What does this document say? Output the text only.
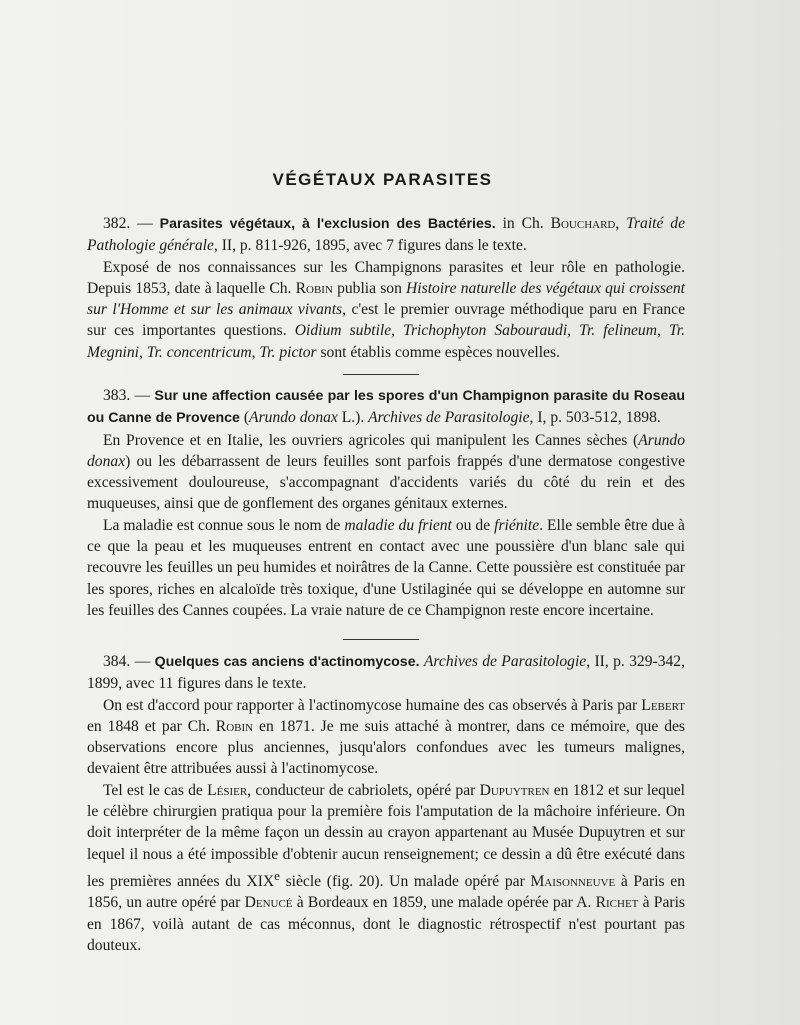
VÉGÉTAUX PARASITES

382. — Parasites végétaux, à l'exclusion des Bactéries. in Ch. Bouchard, Traité de Pathologie générale, II, p. 811-926, 1895, avec 7 figures dans le texte.

Exposé de nos connaissances sur les Champignons parasites et leur rôle en pathologie. Depuis 1853, date à laquelle Ch. Robin publia son Histoire naturelle des végétaux qui croissent sur l'Homme et sur les animaux vivants, c'est le premier ouvrage méthodique paru en France sur ces importantes questions. Oidium subtile, Trichophyton Sabouraudi, Tr. felineum, Tr. Megnini, Tr. concentricum, Tr. pictor sont établis comme espèces nouvelles.

383. — Sur une affection causée par les spores d'un Champignon parasite du Roseau ou Canne de Provence (Arundo donax L.). Archives de Parasitologie, I, p. 503-512, 1898.

En Provence et en Italie, les ouvriers agricoles qui manipulent les Cannes sèches (Arundo donax) ou les débarrassent de leurs feuilles sont parfois frappés d'une dermatose congestive excessivement douloureuse, s'accompagnant d'accidents variés du côté du rein et des muqueuses, ainsi que de gonflement des organes génitaux externes.

La maladie est connue sous le nom de maladie du frient ou de friénite. Elle semble être due à ce que la peau et les muqueuses entrent en contact avec une poussière d'un blanc sale qui recouvre les feuilles un peu humides et noirâtres de la Canne. Cette poussière est constituée par les spores, riches en alcaloïde très toxique, d'une Ustilaginée qui se développe en automne sur les feuilles des Cannes coupées. La vraie nature de ce Champignon reste encore incertaine.

384. — Quelques cas anciens d'actinomycose. Archives de Parasitologie, II, p. 329-342, 1899, avec 11 figures dans le texte.

On est d'accord pour rapporter à l'actinomycose humaine des cas observés à Paris par Lebert en 1848 et par Ch. Robin en 1871. Je me suis attaché à montrer, dans ce mémoire, que des observations encore plus anciennes, jusqu'alors confondues avec les tumeurs malignes, devaient être attribuées aussi à l'actinomycose.

Tel est le cas de Lésier, conducteur de cabriolets, opéré par Dupuytren en 1812 et sur lequel le célèbre chirurgien pratiqua pour la première fois l'amputation de la mâchoire inférieure. On doit interpréter de la même façon un dessin au crayon appartenant au Musée Dupuytren et sur lequel il nous a été impossible d'obtenir aucun renseignement; ce dessin a dû être exécuté dans les premières années du XIXe siècle (fig. 20). Un malade opéré par Maisonneuve à Paris en 1856, un autre opéré par Denucé à Bordeaux en 1859, une malade opérée par A. Richet à Paris en 1867, voilà autant de cas méconnus, dont le diagnostic rétrospectif n'est pourtant pas douteux.
